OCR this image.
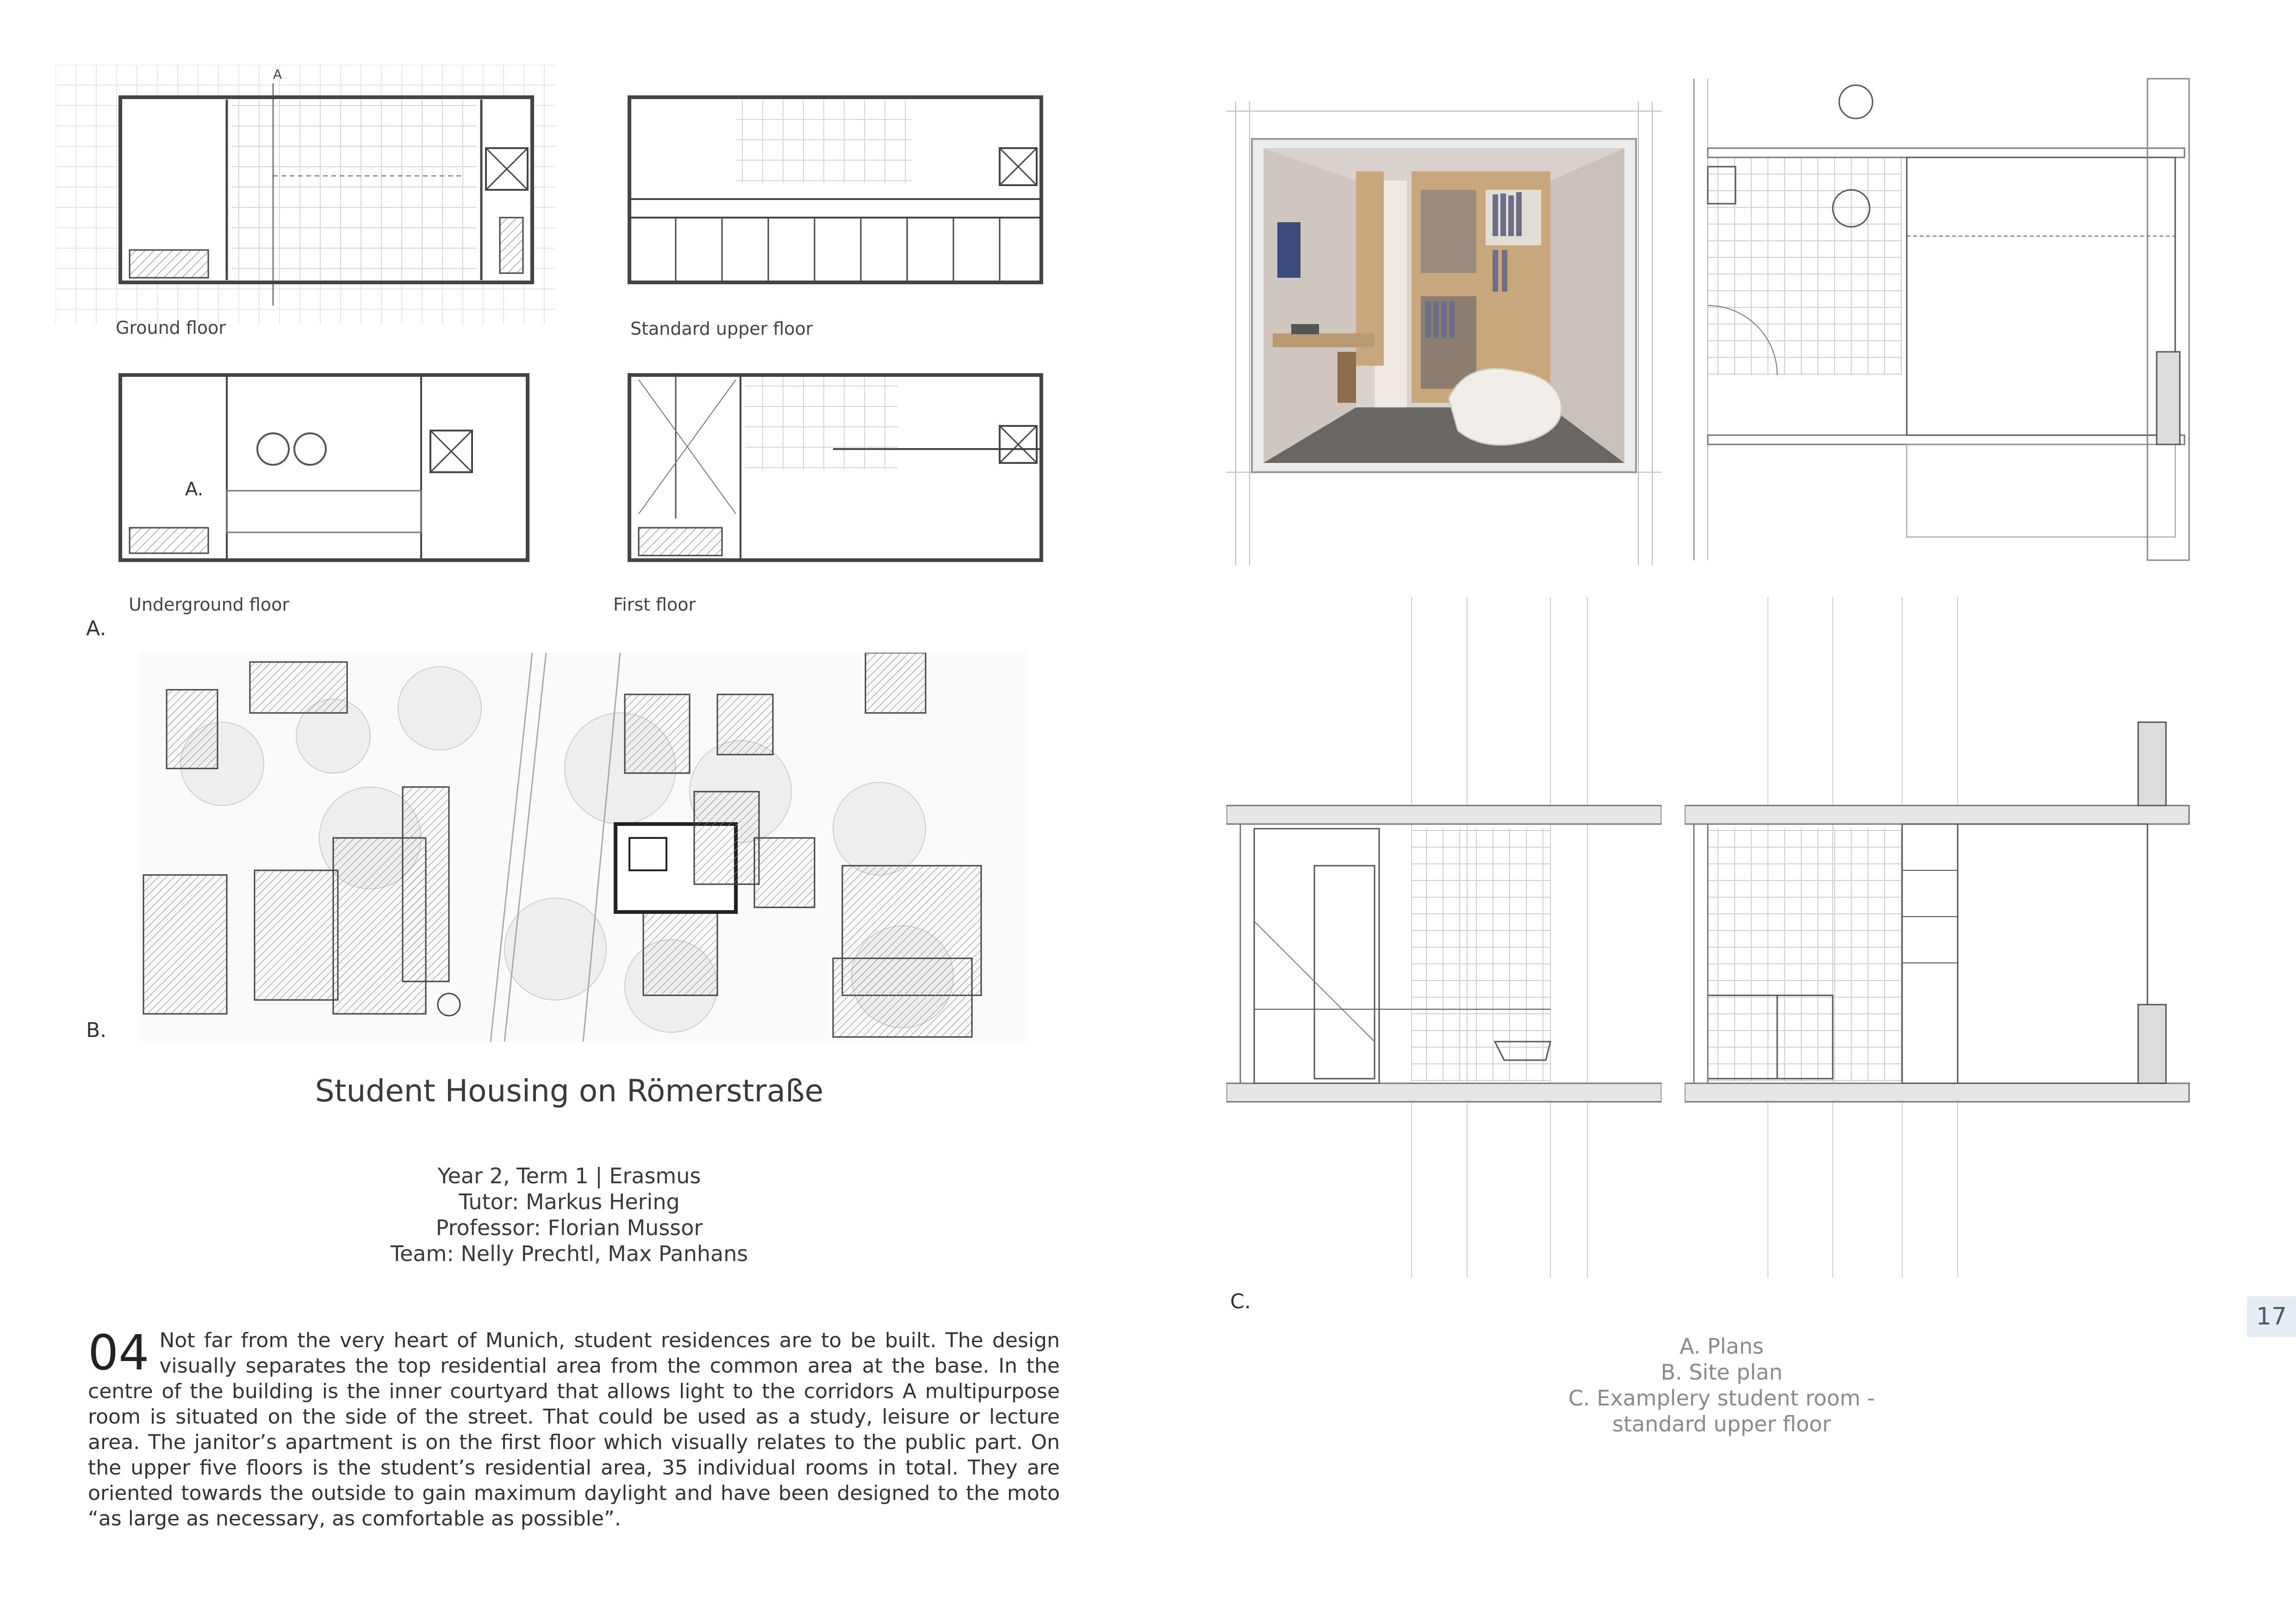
A
Ground floor	Standard upper floor
A.
Underground floor	First floor
A.
B.
Student Housing on Römerstraße
Year 2, Term 1 | Erasmus
Tutor: Markus Hering
Professor: Florian Mussor
Team: Nelly Prechtl, Max Panhans
04 Not far from the very heart of Munich, student residences are to be built. The design visually separates the top residential area from the common area at the base. In the centre of the building is the inner courtyard that allows light to the corridors A multipurpose room is situated on the side of the street. That could be used as a study, leisure or lecture area. The janitor’s apartment is on the first floor which visually relates to the public part. On the upper five floors is the student’s residential area, 35 individual rooms in total. They are oriented towards the outside to gain maximum daylight and have been designed to the moto “as large as necessary, as comfortable as possible”.
C.
17
A. Plans
B. Site plan
C. Examplery student room -
standard upper floor
